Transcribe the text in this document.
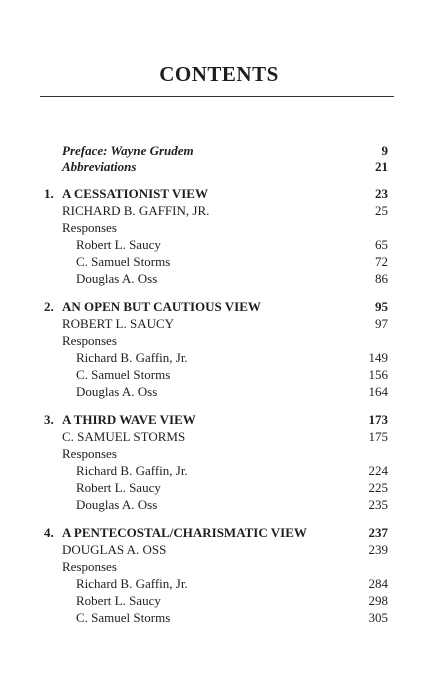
CONTENTS
Preface: Wayne Grudem	9
Abbreviations	21
1. A CESSATIONIST VIEW	23
RICHARD B. GAFFIN, JR.	25
Responses
Robert L. Saucy	65
C. Samuel Storms	72
Douglas A. Oss	86
2. AN OPEN BUT CAUTIOUS VIEW	95
ROBERT L. SAUCY	97
Responses
Richard B. Gaffin, Jr.	149
C. Samuel Storms	156
Douglas A. Oss	164
3. A THIRD WAVE VIEW	173
C. SAMUEL STORMS	175
Responses
Richard B. Gaffin, Jr.	224
Robert L. Saucy	225
Douglas A. Oss	235
4. A PENTECOSTAL/CHARISMATIC VIEW	237
DOUGLAS A. OSS	239
Responses
Richard B. Gaffin, Jr.	284
Robert L. Saucy	298
C. Samuel Storms	305
